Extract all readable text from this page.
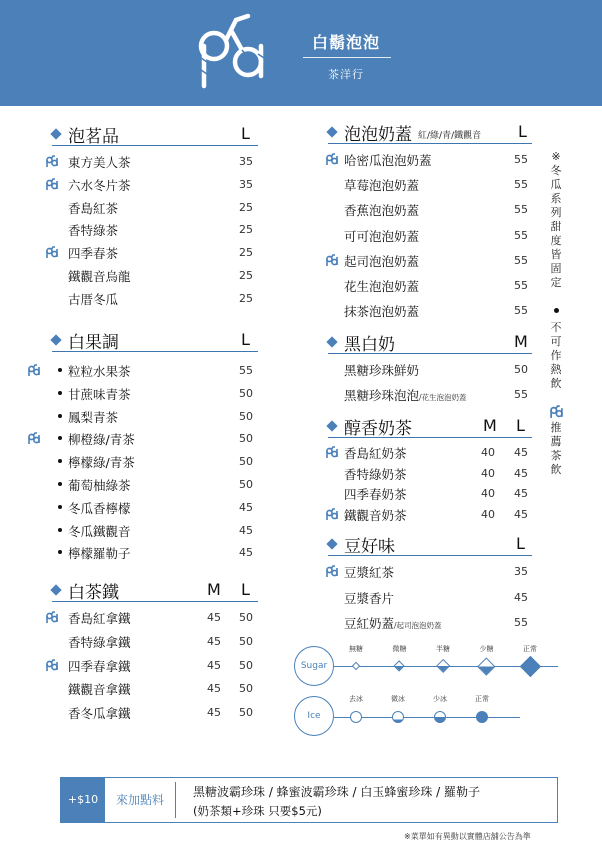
白鬍泡泡
茶洋行
泡茗品	L
東方美人茶	35
六水冬片茶	35
香島紅茶	25
香特綠茶	25
四季春茶	25
鐵觀音烏龍	25
古厝冬瓜	25
白果調	L
粒粒水果茶	55
甘蔗味青茶	50
鳳梨青茶	50
柳橙綠/青茶	50
檸檬綠/青茶	50
葡萄柚綠茶	50
冬瓜香檸檬	45
冬瓜鐵觀音	45
檸檬羅勒子	45
白茶鐵	M L
香島紅拿鐵	45 50
香特綠拿鐵	45 50
四季春拿鐵	45 50
鐵觀音拿鐵	45 50
香冬瓜拿鐵	45 50
泡泡奶蓋 紅/綠/青/鐵觀音 L
哈密瓜泡泡奶蓋	55
草莓泡泡奶蓋	55
香蕉泡泡奶蓋	55
可可泡泡奶蓋	55
起司泡泡奶蓋	55
花生泡泡奶蓋	55
抹茶泡泡奶蓋	55
黑白奶	M
黑糖珍珠鮮奶	50
黑糖珍珠泡泡/花生泡泡奶蓋	55
醇香奶茶	M L
香島紅奶茶	40 45
香特綠奶茶	40 45
四季春奶茶	40 45
鐵觀音奶茶	40 45
豆好味	L
豆漿紅茶	35
豆漿香片	45
豆紅奶蓋/起司泡泡奶蓋	55
※冬瓜系列甜度皆固定
不可作熱飲
推薦茶飲
Sugar
無糖	微糖	半糖	少糖	正常
Ice
去冰	微冰	少冰	正常
+$10	來加點料
黑糖波霸珍珠 / 蜂蜜波霸珍珠 / 白玉蜂蜜珍珠 / 羅勒子
(奶茶類+珍珠 只要$5元)
※菜單如有異動以實體店舖公告為準
